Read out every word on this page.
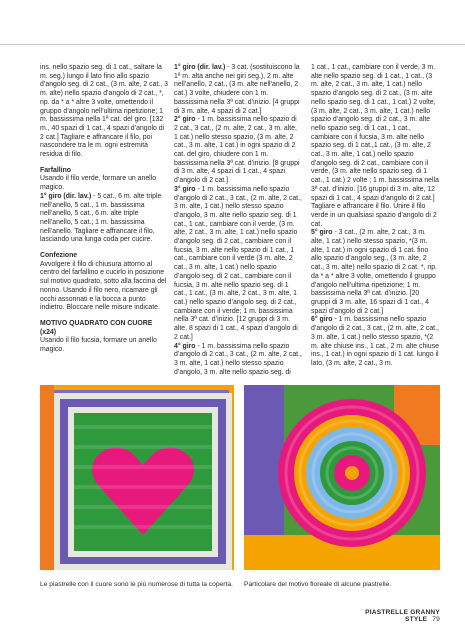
ins. nello spazio seg. di 1 cat., saltare la m. seg.) lungo il lato fino allo spazio d’angolo seg. di 2 cat., (3 m. alte, 2 cat., 3 m. alte) nello spazio d’angolo di 2 cat., *, rip. da * a * altre 3 volte, omettendo il gruppo d’angolo nell’ultima ripetizione; 1 m. bassissima nella 1ª cat. del giro. [132 m., 40 spazi di 1 cat., 4 spazi d’angolo di 2 cat.] Tagliare e affrancare il filo, poi nascondere tra le m. ogni estremità residua di filo.

Farfallino
Usando il filo verde, formare un anello magico.
1° giro (dir. lav.) - 5 cat., 6 m. alte triple nell’anello, 5 cat., 1 m. bassissima nell’anello, 5 cat., 6 m. alte triple nell’anello, 5 cat.; 1 m. bassissima nell’anello. Tagliare e affrancare il filo, lasciando una lunga coda per cucire.

Confezione
Avvolgere il filo di chiusura attorno al centro del farfallino e cucirlo in posizione sul motivo quadrato, sotto alla faccina del nonno. Usando il filo nero, ricamare gli occhi assonnati e la bocca a punto indietro. Bloccare nelle misure indicate.

MOTIVO QUADRATO CON CUORE (x24)
Usando il filo fucsia, formare un anello magico.

1° giro (dir. lav.) - 3 cat. (sostituiscono la 1ª m. alta anche nei giri seg.), 2 m. alte nell’anello, 2 cat., (3 m. alte nell’anello, 2 cat.) 3 volte, chiudere con 1 m. bassissima nella 3ª cat. d’inizio. [4 gruppi di 3 m. alte, 4 spazi di 2 cat.]
2° giro - 1 m. bassissima nello spazio di 2 cat., 3 cat., (2 m. alte, 2 cat., 3 m. alte, 1 cat.) nello stesso spazio, (3 m. alte, 2 cat., 3 m. alte, 1 cat.) in ogni spazio di 2 cat. del giro, chiudere con 1 m. bassissima nella 3ª cat. d’inizio. [8 gruppi di 3 m. alte, 4 spazi di 1 cat., 4 spazi d’angolo di 2 cat.]
3° giro - 1 m. bassissima nello spazio d’angolo di 2 cat., 3 cat., (2 m. alte, 2 cat., 3 m. alte, 1 cat.) nello stesso spazio d’angolo, 3 m. alte nello spazio seg. di 1 cat., 1 cat., cambiare con il verde, (3 m. alte, 2 cat., 3 m. alte, 1 cat.) nello spazio d’angolo seg. di 2 cat., cambiare con il fucsia, 3 m. alte nello spazio di 1 cat., 1 cat., cambiare con il verde (3 m. alte, 2 cat., 3 m. alte, 1 cat.) nello spazio d’angolo seg. di 2 cat., cambiare con il fucsia, 3 m. alte nello spazio seg. di 1 cat., 1 cat., (3 m. alte, 2 cat., 3 m. alte, 1 cat.) nello spazio d’angolo seg. di 2 cat., cambiare con il verde; 1 m. bassissima nella 3ª cat. d’inizio. [12 gruppi di 3 m. alte, 8 spazi di 1 cat., 4 spazi d’angolo di 2 cat.]
4° giro - 1 m. bassissima nello spazio d’angolo di 2 cat., 3 cat., (2 m. alte, 2 cat., 3 m. alte, 1 cat.) nello stesso spazio d’angolo, 3 m. alte nello spazio seg. di

1 cat., 1 cat., cambiare con il verde, 3 m. alte nello spazio seg. di 1 cat., 1 cat., (3 m. alte, 2 cat., 3 m. alte, 1 cat.) nello spazio d’angolo seg. di 2 cat., (3 m. alte nello spazio seg. di 1 cat., 1 cat.) 2 volte, (3 m. alte, 2 cat., 3 m. alte, 1 cat.) nello spazio d’angolo seg. di 2 cat., 3 m. alte nello spazio seg. di 1 cat., 1 cat., cambiare con il fucsia, 3 m. alte nello spazio seg. di 1 cat.,1 cat., (3 m. alte, 2 cat., 3 m. alte, 1 cat.) nello spazio d’angolo seg. di 2 cat., cambiare con il verde, (3 m. alte nello spazio seg. di 1 cat., 1 cat.) 2 volte ; 1 m. bassissima nella 3ª cat. d’inizio. [16 gruppi di 3 m. alte, 12 spazi di 1 cat., 4 spazi d’angolo di 2 cat.] Tagliare e affrancare il filo. Unire il filo verde in un qualsiasi spazio d’angolo di 2 cat.
5° giro - 3 cat., (2 m. alte, 2 cat., 3 m. alte, 1 cat.) nello stesso spazio, *(3 m. alte, 1 cat.) in ogni spazio di 1 cat. fino allo spazio d’angolo seg., (3 m. alte, 2 cat., 3 m. alte) nello spazio di 2 cat. *, rip. da * a * altre 3 volte, omettendo il gruppo d’angolo nell’ultima ripetizione; 1 m. bassissima nella 3ª cat. d’inizio. [20 gruppi di 3 m. alte, 16 spazi di 1 cat., 4 spazi d’angolo di 2 cat.]
6° giro - 1 m. bassissima nello spazio d’angolo di 2 cat., 3 cat., (2 m. alte, 2 cat., 3 m. alte, 1 cat.) nello stesso spazio, *(2 m. alte chiuse ins., 1 cat., 2 m. alte chiuse ins., 1 cat.) in ogni spazio di 1 cat. lungo il lato, (3 m. alte, 2 cat., 3 m.

Le piastrelle con il cuore sono le più numerose di tutta la coperta.	Particolare del motivo floreale di alcune piastrelle.
PIASTRELLE GRANNY STYLE 79
